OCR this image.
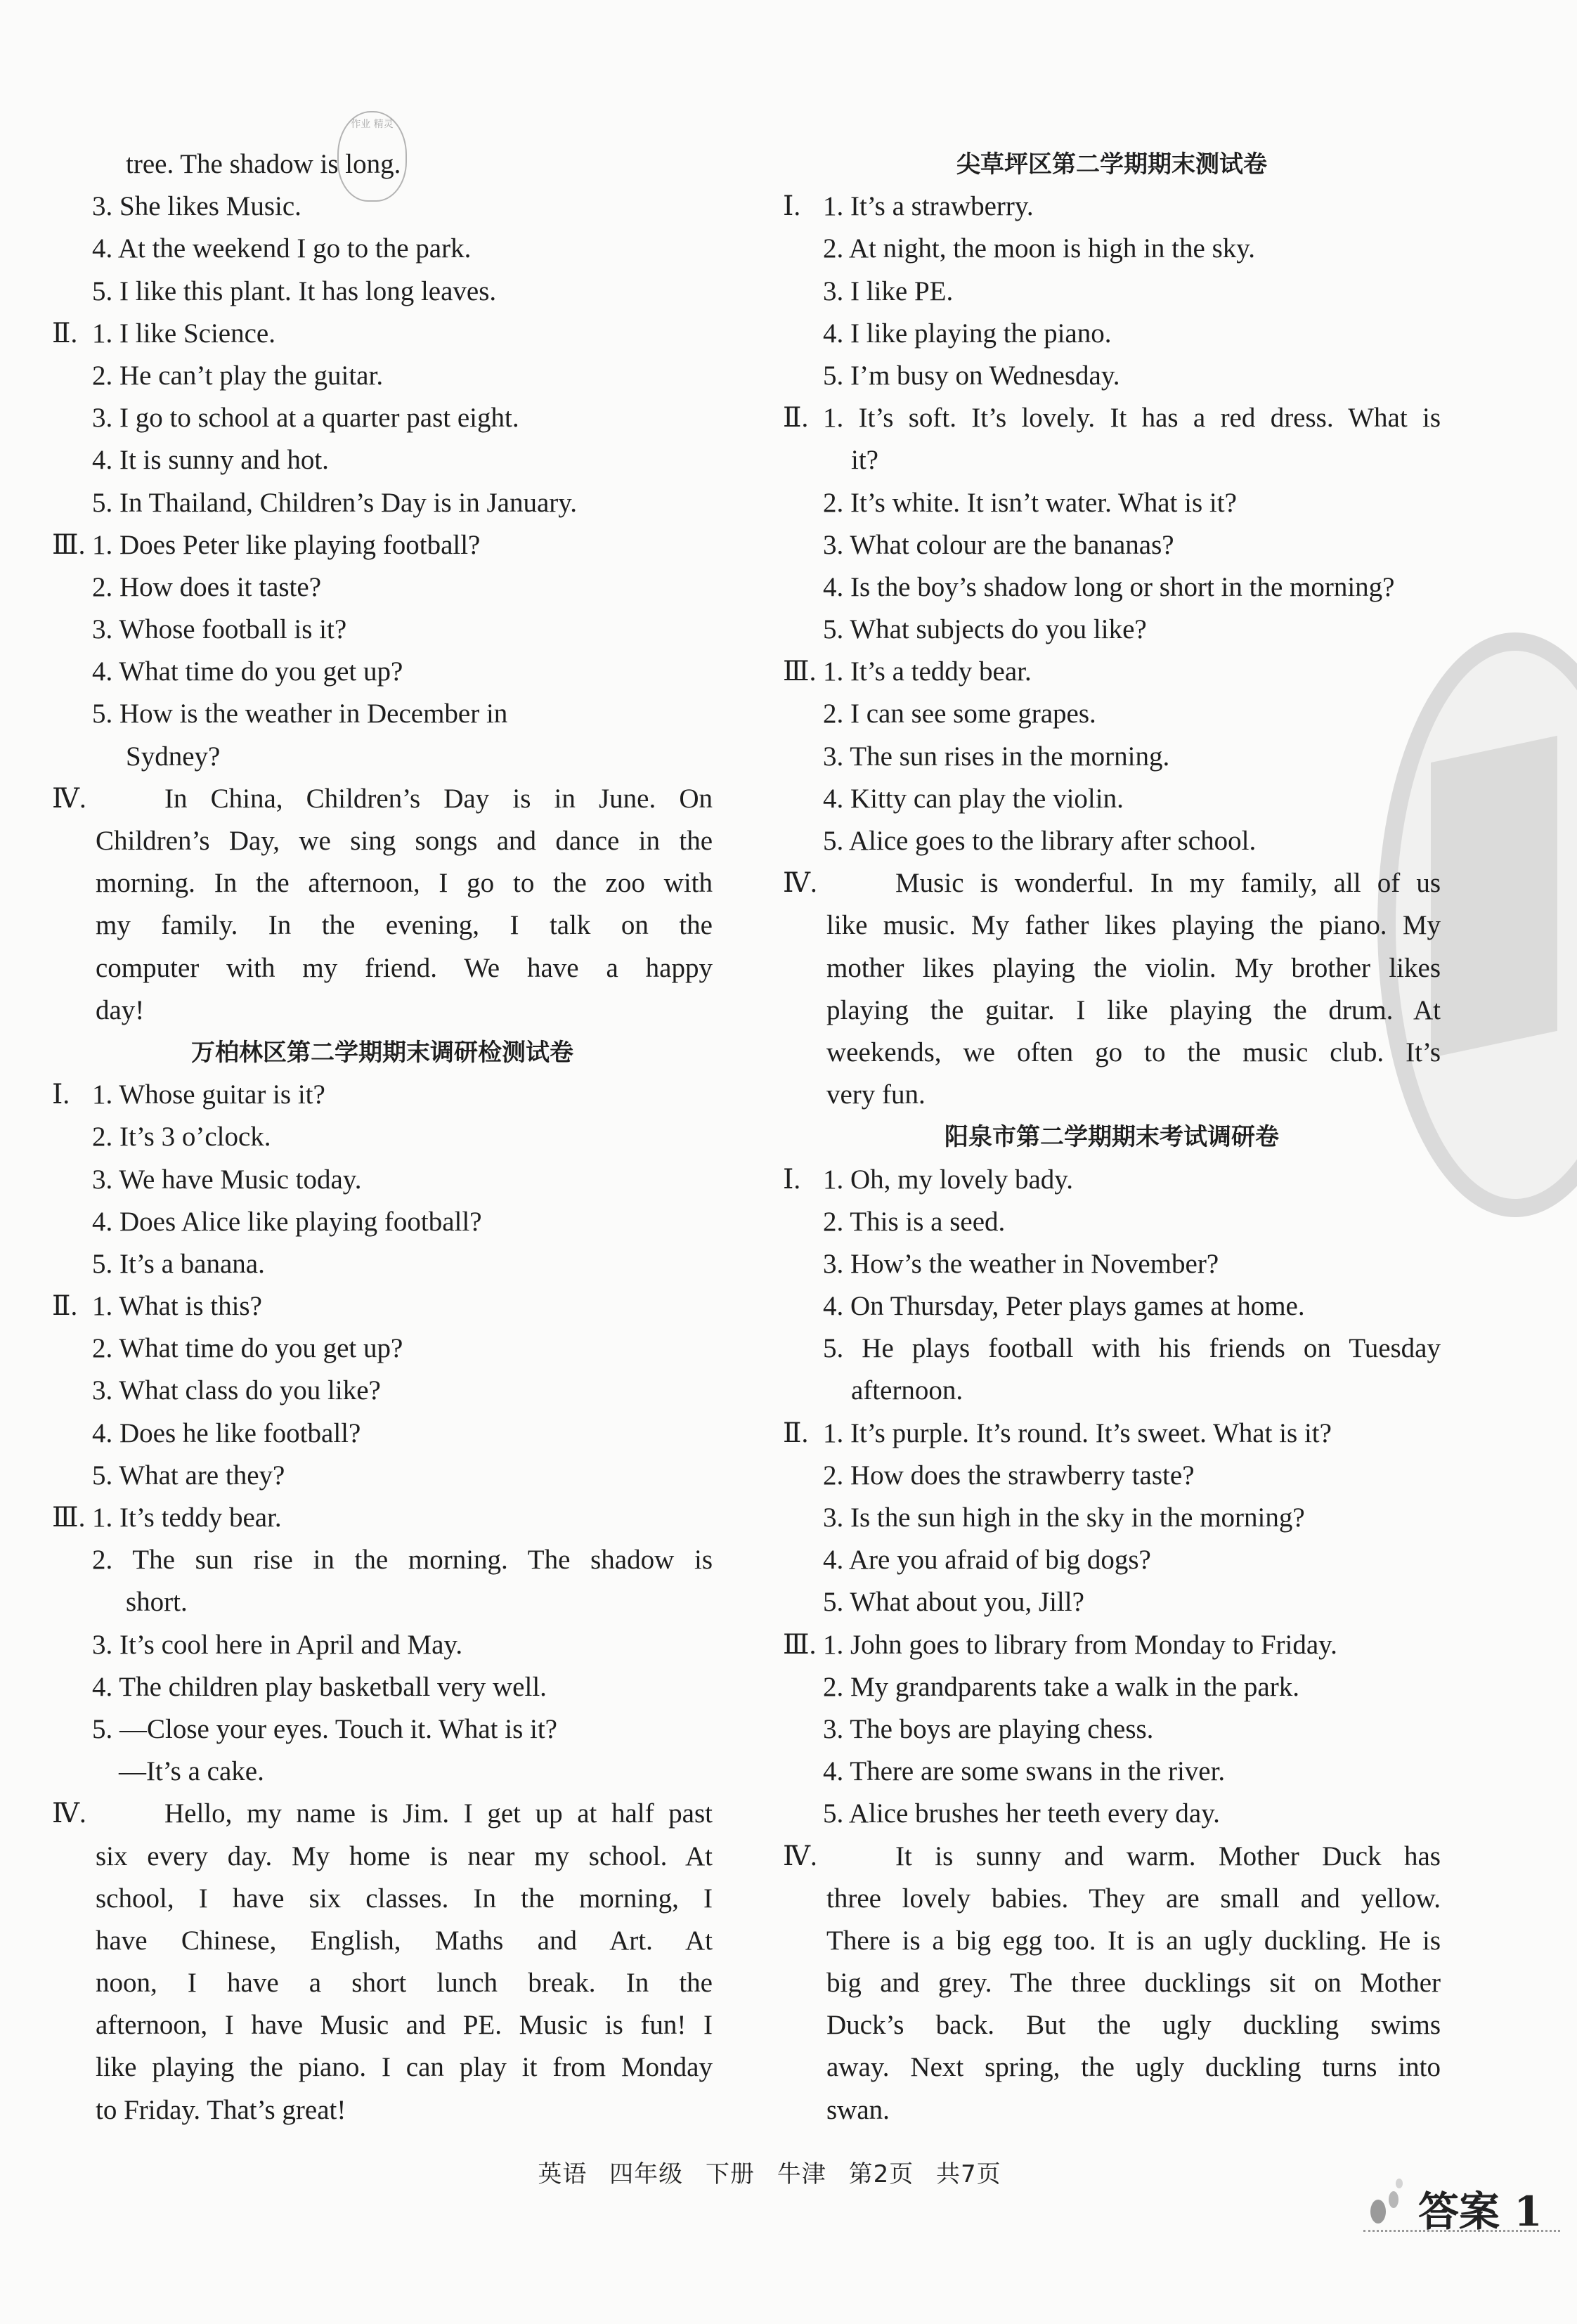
作业 精灵
tree. The shadow is long.
3. She likes Music.
4. At the weekend I go to the park.
5. I like this plant. It has long leaves.
Ⅱ. 1. I like Science.
2. He can’t play the guitar.
3. I go to school at a quarter past eight.
4. It is sunny and hot.
5. In Thailand, Children’s Day is in January.
Ⅲ. 1. Does Peter like playing football?
2. How does it taste?
3. Whose football is it?
4. What time do you get up?
5. How is the weather in December in
Sydney?
Ⅳ.	In China, Children’s Day is in June. On
Children’s Day, we sing songs and dance in the
morning. In the afternoon, I go to the zoo with
my family. In the evening, I talk on the
computer with my friend. We have a happy
day!
万柏林区第二学期期末调研检测试卷
Ⅰ. 1. Whose guitar is it?
2. It’s 3 o’clock.
3. We have Music today.
4. Does Alice like playing football?
5. It’s a banana.
Ⅱ. 1. What is this?
2. What time do you get up?
3. What class do you like?
4. Does he like football?
5. What are they?
Ⅲ. 1. It’s teddy bear.
2. The sun rise in the morning. The shadow is
short.
3. It’s cool here in April and May.
4. The children play basketball very well.
5. —Close your eyes. Touch it. What is it?
—It’s a cake.
Ⅳ.	Hello, my name is Jim. I get up at half past
six every day. My home is near my school. At
school, I have six classes. In the morning, I
have Chinese, English, Maths and Art. At
noon, I have a short lunch break. In the
afternoon, I have Music and PE. Music is fun! I
like playing the piano. I can play it from Monday
to Friday. That’s great!
尖草坪区第二学期期末测试卷
Ⅰ. 1. It’s a strawberry.
2. At night, the moon is high in the sky.
3. I like PE.
4. I like playing the piano.
5. I’m busy on Wednesday.
Ⅱ. 1. It’s soft. It’s lovely. It has a red dress. What is
it?
2. It’s white. It isn’t water. What is it?
3. What colour are the bananas?
4. Is the boy’s shadow long or short in the morning?
5. What subjects do you like?
Ⅲ. 1. It’s a teddy bear.
2. I can see some grapes.
3. The sun rises in the morning.
4. Kitty can play the violin.
5. Alice goes to the library after school.
Ⅳ.	Music is wonderful. In my family, all of us
like music. My father likes playing the piano. My
mother likes playing the violin. My brother likes
playing the guitar. I like playing the drum. At
weekends, we often go to the music club. It’s
very fun.
阳泉市第二学期期末考试调研卷
Ⅰ. 1. Oh, my lovely bady.
2. This is a seed.
3. How’s the weather in November?
4. On Thursday, Peter plays games at home.
5. He plays football with his friends on Tuesday
afternoon.
Ⅱ. 1. It’s purple. It’s round. It’s sweet. What is it?
2. How does the strawberry taste?
3. Is the sun high in the sky in the morning?
4. Are you afraid of big dogs?
5. What about you, Jill?
Ⅲ. 1. John goes to library from Monday to Friday.
2. My grandparents take a walk in the park.
3. The boys are playing chess.
4. There are some swans in the river.
5. Alice brushes her teeth every day.
Ⅳ.	It is sunny and warm. Mother Duck has
three lovely babies. They are small and yellow.
There is a big egg too. It is an ugly duckling. He is
big and grey. The three ducklings sit on Mother
Duck’s back. But the ugly duckling swims
away. Next spring, the ugly duckling turns into
swan.
英语 四年级 下册 牛津 第2页 共7页
答案 1
